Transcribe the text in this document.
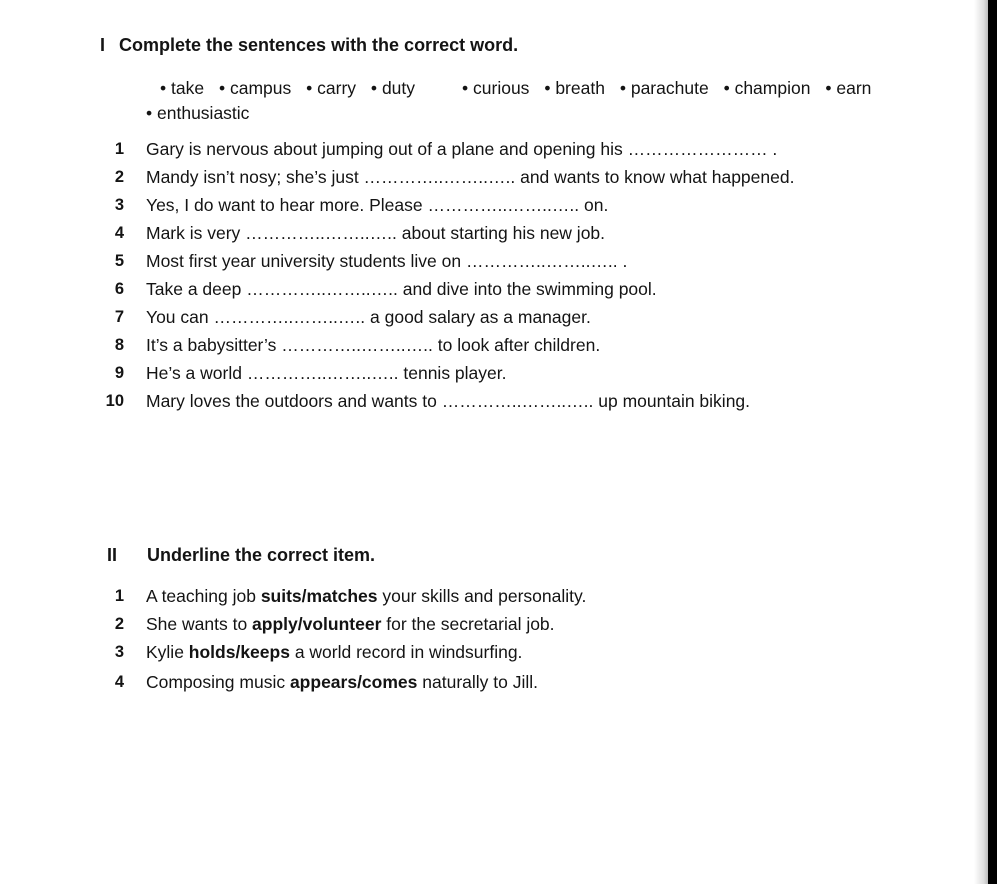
I Complete the sentences with the correct word.
• take • campus • carry • duty	• curious • breath • parachute • champion • earn
• enthusiastic
1 Gary is nervous about jumping out of a plane and opening his …………………… .
2 Mandy isn’t nosy; she’s just …………..……..….. and wants to know what happened.
3 Yes, I do want to hear more. Please …………..……..….. on.
4 Mark is very …………..……..….. about starting his new job.
5 Most first year university students live on …………..……..….. .
6 Take a deep …………..……..….. and dive into the swimming pool.
7 You can …………..……..….. a good salary as a manager.
8 It’s a babysitter’s …………..……..….. to look after children.
9 He’s a world …………..……..….. tennis player.
10 Mary loves the outdoors and wants to …………..……..….. up mountain biking.
II Underline the correct item.
1 A teaching job suits/matches your skills and personality.
2 She wants to apply/volunteer for the secretarial job.
3 Kylie holds/keeps a world record in windsurfing.
4 Composing music appears/comes naturally to Jill.
